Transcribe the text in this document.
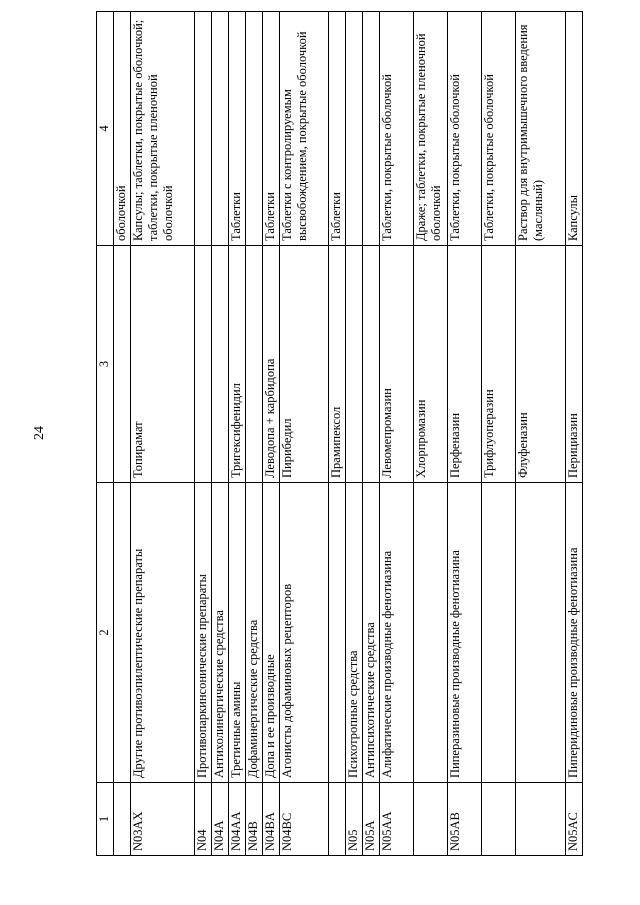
24
1	2	3	4
			оболочкой
N03AX	Другие противоэпилептические препараты	Топирамат	Капсулы; таблетки, покрытые оболочкой; таблетки, покрытые пленочной оболочкой
N04	Противопаркинсонические препараты		
N04A	Антихолинергические средства		
N04AA	Третичные амины	Тригексифенидил	Таблетки
N04B	Дофаминергические средства		
N04BA	Допа и ее производные	Леводопа + карбидопа	Таблетки
N04BC	Агонисты дофаминовых рецепторов	Пирибедил	Таблетки с контролируемым высвобождением, покрытые оболочкой
		Прамипексол	Таблетки
N05	Психотропные средства		
N05A	Антипсихотические средства		
N05AA	Алифатические производные фенотиазина	Левомепромазин	Таблетки, покрытые оболочкой
		Хлорпромазин	Драже; таблетки, покрытые пленочной оболочкой
N05AB	Пиперазиновые производные фенотиазина	Перфеназин	Таблетки, покрытые оболочкой
		Трифлуоперазин	Таблетки, покрытые оболочкой
		Флуфеназин	Раствор для внутримышечного введения (масляный)
N05AC	Пиперидиновые производные фенотиазина	Перициазин	Капсулы
